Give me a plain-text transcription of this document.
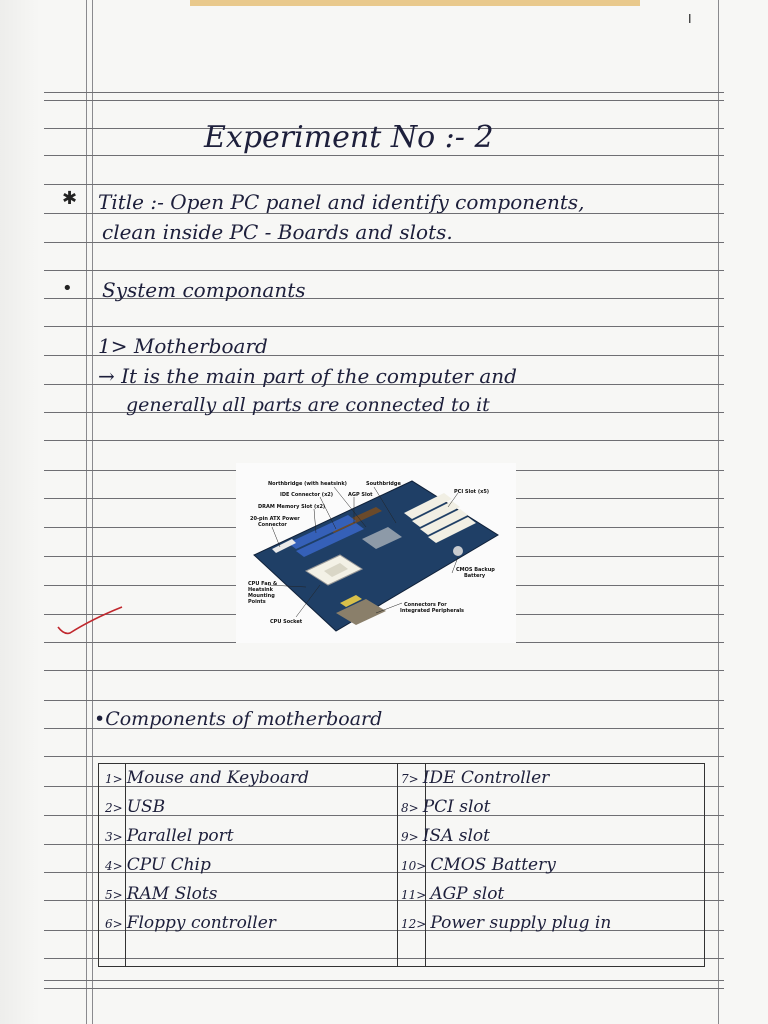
I
Experiment No :- 2
✱ Title :- Open PC panel and identify components,
clean inside PC - Boards and slots.
• System componants
1> Motherboard
→ It is the main part of the computer and
generally all parts are connected to it
Northbridge (with heatsink)	Southbridge
IDE Connector (x2)	AGP Slot
DRAM Memory Slot (x2)
20-pin ATX Power
Connector
PCI Slot (x5)
CMOS Backup
Battery
CPU Fan &
Heatsink
Mounting
Points
CPU Socket
Connectors For
Integrated Peripherals
•Components of motherboard
1> Mouse and Keyboard
2> USB
3> Parallel port
4> CPU Chip
5> RAM Slots
6> Floppy controller
7> IDE Controller
8> PCI slot
9> ISA slot
10> CMOS Battery
11> AGP slot
12> Power supply plug in
